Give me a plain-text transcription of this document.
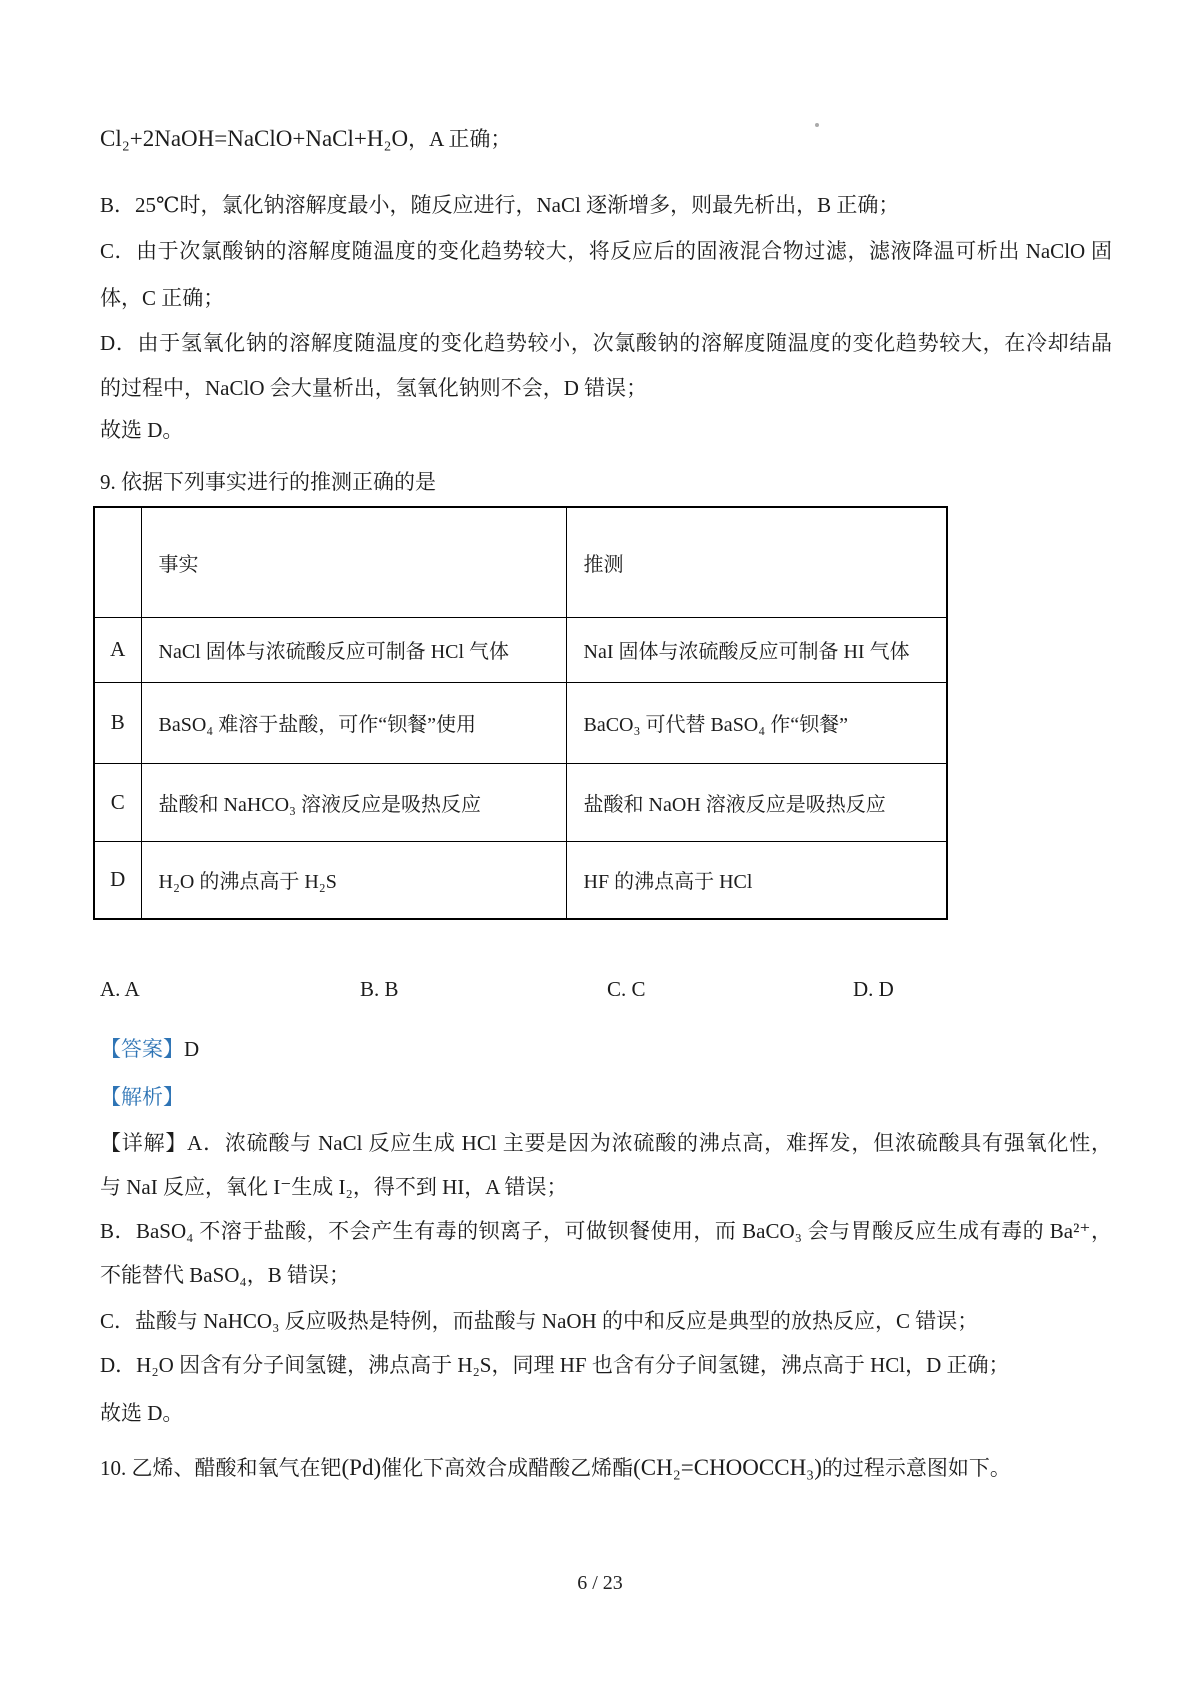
Cl₂+2NaOH=NaClO+NaCl+H₂O，A 正确；
B．25℃时，氯化钠溶解度最小，随反应进行，NaCl 逐渐增多，则最先析出，B 正确；
C．由于次氯酸钠的溶解度随温度的变化趋势较大，将反应后的固液混合物过滤，滤液降温可析出 NaClO 固
体，C 正确；
D．由于氢氧化钠的溶解度随温度的变化趋势较小，次氯酸钠的溶解度随温度的变化趋势较大，在冷却结晶
的过程中，NaClO 会大量析出，氢氧化钠则不会，D 错误；
故选 D。
9. 依据下列事实进行的推测正确的是
	事实	推测
A	NaCl 固体与浓硫酸反应可制备 HCl 气体	NaI 固体与浓硫酸反应可制备 HI 气体
B	BaSO₄ 难溶于盐酸，可作“钡餐”使用	BaCO₃ 可代替 BaSO₄ 作“钡餐”
C	盐酸和 NaHCO₃ 溶液反应是吸热反应	盐酸和 NaOH 溶液反应是吸热反应
D	H₂O 的沸点高于 H₂S	HF 的沸点高于 HCl
A. A	B. B	C. C	D. D
【答案】D
【解析】
【详解】A．浓硫酸与 NaCl 反应生成 HCl 主要是因为浓硫酸的沸点高，难挥发，但浓硫酸具有强氧化性，
与 NaI 反应，氧化 I⁻生成 I₂，得不到 HI，A 错误；
B．BaSO₄ 不溶于盐酸，不会产生有毒的钡离子，可做钡餐使用，而 BaCO₃ 会与胃酸反应生成有毒的 Ba²⁺，
不能替代 BaSO₄，B 错误；
C．盐酸与 NaHCO₃ 反应吸热是特例，而盐酸与 NaOH 的中和反应是典型的放热反应，C 错误；
D．H₂O 因含有分子间氢键，沸点高于 H₂S，同理 HF 也含有分子间氢键，沸点高于 HCl，D 正确；
故选 D。
10. 乙烯、醋酸和氧气在钯(Pd)催化下高效合成醋酸乙烯酯(CH₂=CHOOCCH₃)的过程示意图如下。
6 / 23
